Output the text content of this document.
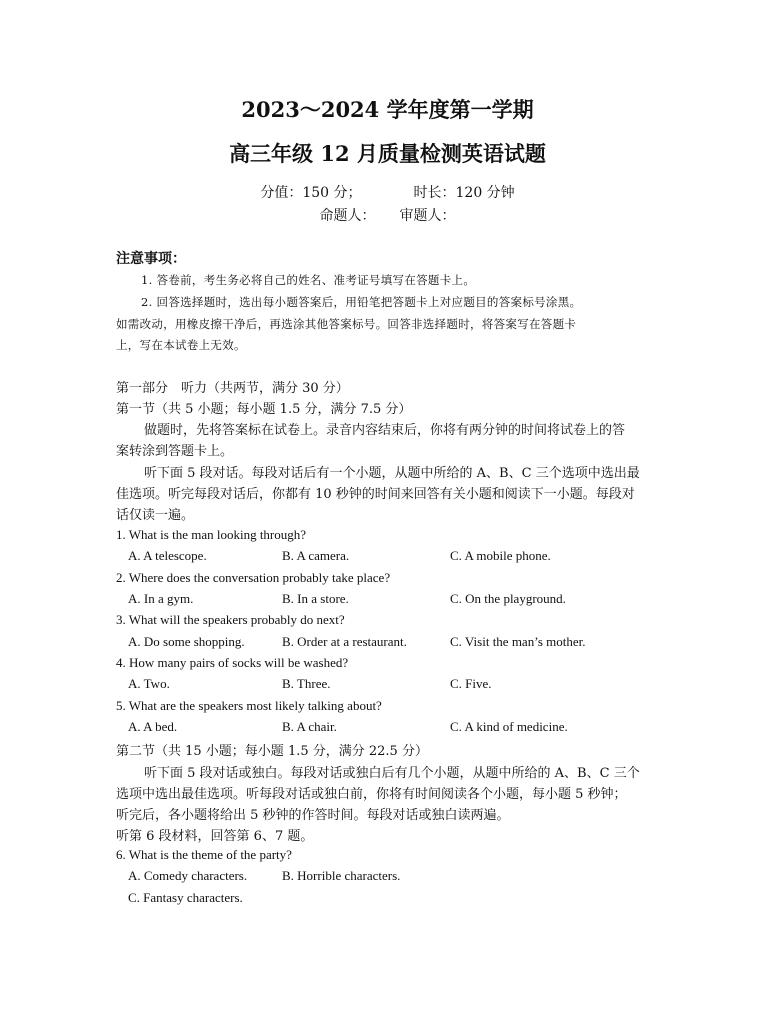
2023～2024 学年度第一学期
高三年级 12 月质量检测英语试题
分值：150 分；	时长：120 分钟
命题人： 审题人：
注意事项：
1. 答卷前，考生务必将自己的姓名、准考证号填写在答题卡上。
2. 回答选择题时，选出每小题答案后，用铅笔把答题卡上对应题目的答案标号涂黑。
如需改动，用橡皮擦干净后，再选涂其他答案标号。回答非选择题时，将答案写在答题卡
上，写在本试卷上无效。
第一部分　听力（共两节，满分 30 分）
第一节（共 5 小题；每小题 1.5 分，满分 7.5 分）
做题时，先将答案标在试卷上。录音内容结束后，你将有两分钟的时间将试卷上的答
案转涂到答题卡上。
听下面 5 段对话。每段对话后有一个小题，从题中所给的 A、B、C 三个选项中选出最
佳选项。听完每段对话后，你都有 10 秒钟的时间来回答有关小题和阅读下一小题。每段对
话仅读一遍。
1. What is the man looking through?
A. A telescope.	B. A camera.	C. A mobile phone.
2. Where does the conversation probably take place?
A. In a gym.	B. In a store.	C. On the playground.
3. What will the speakers probably do next?
A. Do some shopping.	B. Order at a restaurant.	C. Visit the man’s mother.
4. How many pairs of socks will be washed?
A. Two.	B. Three.	C. Five.
5. What are the speakers most likely talking about?
A. A bed.	B. A chair.	C. A kind of medicine.
第二节（共 15 小题；每小题 1.5 分，满分 22.5 分）
听下面 5 段对话或独白。每段对话或独白后有几个小题，从题中所给的 A、B、C 三个
选项中选出最佳选项。听每段对话或独白前，你将有时间阅读各个小题，每小题 5 秒钟；
听完后，各小题将给出 5 秒钟的作答时间。每段对话或独白读两遍。
听第 6 段材料，回答第 6、7 题。
6. What is the theme of the party?
A. Comedy characters.	B. Horrible characters.
C. Fantasy characters.
